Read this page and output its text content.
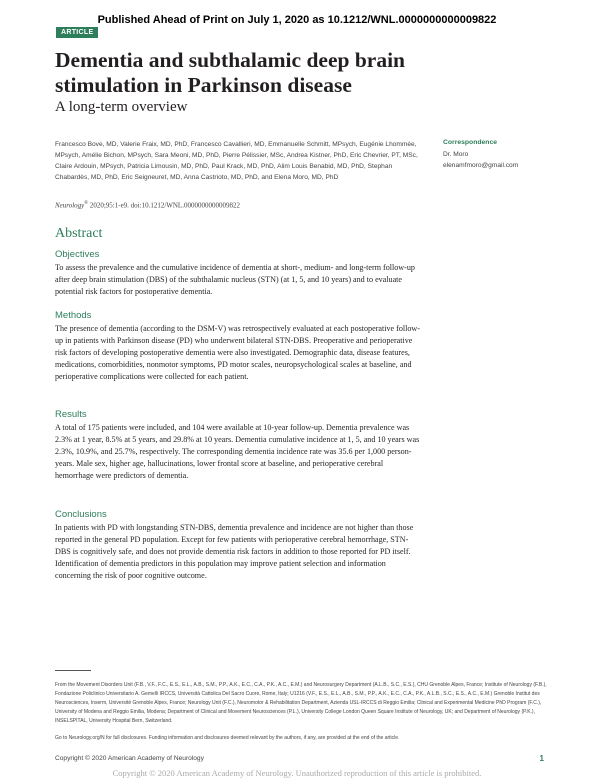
Published Ahead of Print on July 1, 2020 as 10.1212/WNL.0000000000009822
ARTICLE
Dementia and subthalamic deep brain stimulation in Parkinson disease
A long-term overview
Francesco Bove, MD, Valerie Fraix, MD, PhD, Francesco Cavallieri, MD, Emmanuelle Schmitt, MPsych, Eugénie Lhommée, MPsych, Amélie Bichon, MPsych, Sara Meoni, MD, PhD, Pierre Pélissier, MSc, Andrea Kistner, PhD, Eric Chevrier, PT, MSc, Claire Ardouin, MPsych, Patricia Limousin, MD, PhD, Paul Krack, MD, PhD, Alim Louis Benabid, MD, PhD, Stephan Chabardès, MD, PhD, Eric Seigneuret, MD, Anna Castrioto, MD, PhD, and Elena Moro, MD, PhD
Correspondence
Dr. Moro
elenamfmoro@gmail.com
Neurology® 2020;95:1-e9. doi:10.1212/WNL.0000000000009822
Abstract
Objectives
To assess the prevalence and the cumulative incidence of dementia at short-, medium- and long-term follow-up after deep brain stimulation (DBS) of the subthalamic nucleus (STN) (at 1, 5, and 10 years) and to evaluate potential risk factors for postoperative dementia.
Methods
The presence of dementia (according to the DSM-V) was retrospectively evaluated at each postoperative follow-up in patients with Parkinson disease (PD) who underwent bilateral STN-DBS. Preoperative and perioperative risk factors of developing postoperative dementia were also investigated. Demographic data, disease features, medications, comorbidities, nonmotor symptoms, PD motor scales, neuropsychological scales at baseline, and perioperative complications were collected for each patient.
Results
A total of 175 patients were included, and 104 were available at 10-year follow-up. Dementia prevalence was 2.3% at 1 year, 8.5% at 5 years, and 29.8% at 10 years. Dementia cumulative incidence at 1, 5, and 10 years was 2.3%, 10.9%, and 25.7%, respectively. The corresponding dementia incidence rate was 35.6 per 1,000 person-years. Male sex, higher age, hallucinations, lower frontal score at baseline, and perioperative cerebral hemorrhage were predictors of dementia.
Conclusions
In patients with PD with longstanding STN-DBS, dementia prevalence and incidence are not higher than those reported in the general PD population. Except for few patients with perioperative cerebral hemorrhage, STN-DBS is cognitively safe, and does not provide dementia risk factors in addition to those reported for PD itself. Identification of dementia predictors in this population may improve patient selection and information concerning the risk of poor cognitive outcome.
From the Movement Disorders Unit (F.B., V.F., F.C., E.S., E.L., A.B., S.M., P.P., A.K., E.C., C.A., P.K., A.C., E.M.) and Neurosurgery Department (A.L.B., S.C., E.S.), CHU Grenoble Alpes, France; Institute of Neurology (F.B.), Fondazione Policlinico Universitario A. Gemelli IRCCS, Università Cattolica Del Sacro Cuore, Rome, Italy; U1216 (V.F., E.S., E.L., A.B., S.M., P.P., A.K., E.C., C.A., P.K., A.L.B., S.C., E.S., A.C., E.M.) Grenoble Institut des Neurosciences, Inserm, Université Grenoble Alpes, France; Neurology Unit (F.C.), Neuromotor & Rehabilitation Department, Azienda USL-IRCCS di Reggio Emilia; Clinical and Experimental Medicine PhD Program (F.C.), University of Modena and Reggio Emilia, Modena; Department of Clinical and Movement Neurosciences (P.L.), University College London Queen Square Institute of Neurology, UK; and Department of Neurology (P.K.), INSELSPITAL, University Hospital Bern, Switzerland.
Go to Neurology.org/N for full disclosures. Funding information and disclosures deemed relevant by the authors, if any, are provided at the end of the article.
Copyright © 2020 American Academy of Neurology	1
Copyright © 2020 American Academy of Neurology. Unauthorized reproduction of this article is prohibited.
